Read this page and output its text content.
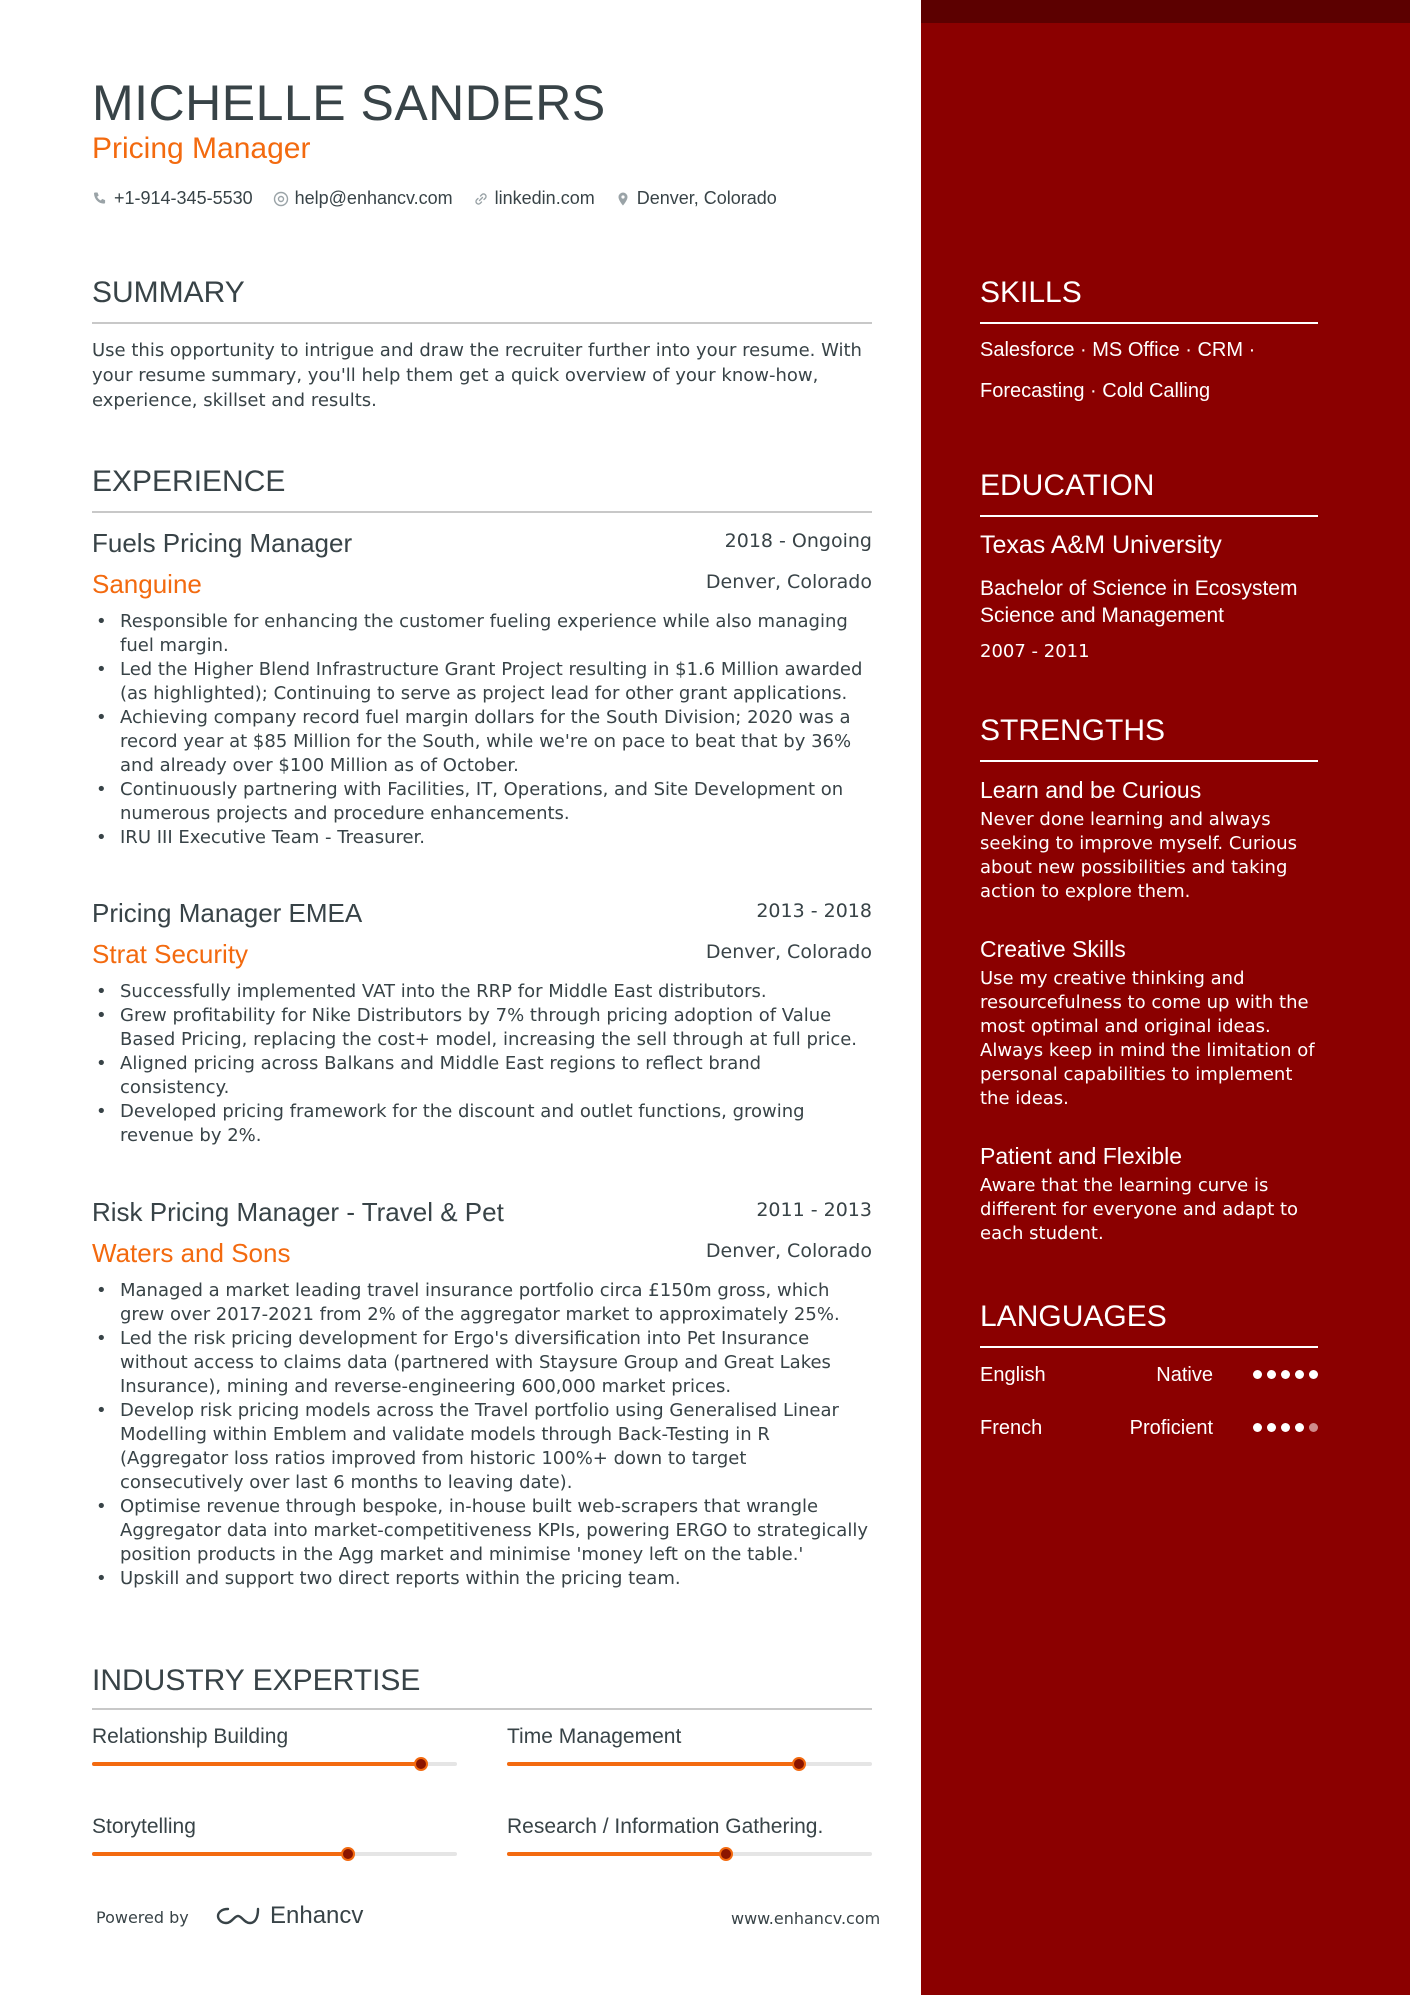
MICHELLE SANDERS
Pricing Manager
+1-914-345-5530 help@enhancv.com linkedin.com Denver, Colorado
SUMMARY
Use this opportunity to intrigue and draw the recruiter further into your resume. With your resume summary, you'll help them get a quick overview of your know-how, experience, skillset and results.
EXPERIENCE
Fuels Pricing Manager	2018 - Ongoing
Sanguine	Denver, Colorado
• Responsible for enhancing the customer fueling experience while also managing fuel margin.
• Led the Higher Blend Infrastructure Grant Project resulting in $1.6 Million awarded (as highlighted); Continuing to serve as project lead for other grant applications.
• Achieving company record fuel margin dollars for the South Division; 2020 was a record year at $85 Million for the South, while we're on pace to beat that by 36% and already over $100 Million as of October.
• Continuously partnering with Facilities, IT, Operations, and Site Development on numerous projects and procedure enhancements.
• IRU III Executive Team - Treasurer.
Pricing Manager EMEA	2013 - 2018
Strat Security	Denver, Colorado
• Successfully implemented VAT into the RRP for Middle East distributors.
• Grew profitability for Nike Distributors by 7% through pricing adoption of Value Based Pricing, replacing the cost+ model, increasing the sell through at full price.
• Aligned pricing across Balkans and Middle East regions to reflect brand consistency.
• Developed pricing framework for the discount and outlet functions, growing revenue by 2%.
Risk Pricing Manager - Travel & Pet	2011 - 2013
Waters and Sons	Denver, Colorado
• Managed a market leading travel insurance portfolio circa £150m gross, which grew over 2017-2021 from 2% of the aggregator market to approximately 25%.
• Led the risk pricing development for Ergo's diversification into Pet Insurance without access to claims data (partnered with Staysure Group and Great Lakes Insurance), mining and reverse-engineering 600,000 market prices.
• Develop risk pricing models across the Travel portfolio using Generalised Linear Modelling within Emblem and validate models through Back-Testing in R (Aggregator loss ratios improved from historic 100%+ down to target consecutively over last 6 months to leaving date).
• Optimise revenue through bespoke, in-house built web-scrapers that wrangle Aggregator data into market-competitiveness KPIs, powering ERGO to strategically position products in the Agg market and minimise 'money left on the table.'
• Upskill and support two direct reports within the pricing team.
INDUSTRY EXPERTISE
Relationship Building	Time Management
Storytelling	Research / Information Gathering.
Powered by	Enhancv	www.enhancv.com
SKILLS
Salesforce · MS Office · CRM ·
Forecasting · Cold Calling
EDUCATION
Texas A&M University
Bachelor of Science in Ecosystem Science and Management
2007 - 2011
STRENGTHS
Learn and be Curious
Never done learning and always seeking to improve myself. Curious about new possibilities and taking action to explore them.
Creative Skills
Use my creative thinking and resourcefulness to come up with the most optimal and original ideas. Always keep in mind the limitation of personal capabilities to implement the ideas.
Patient and Flexible
Aware that the learning curve is different for everyone and adapt to each student.
LANGUAGES
English	Native
French	Proficient
